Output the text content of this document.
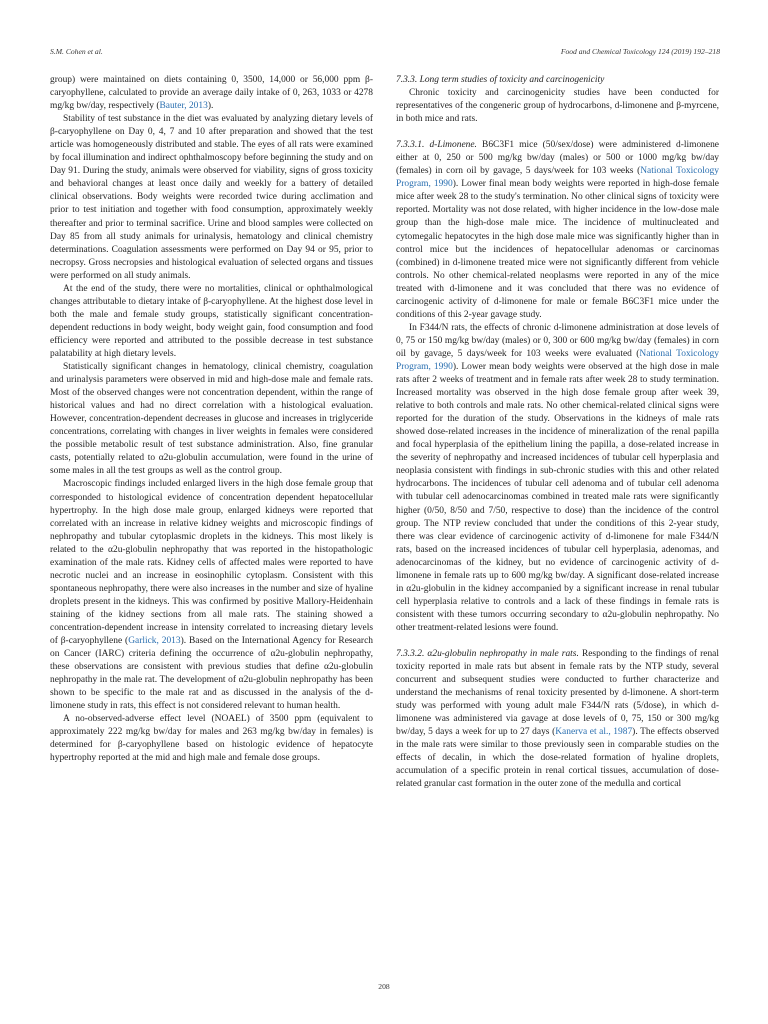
S.M. Cohen et al.	Food and Chemical Toxicology 124 (2019) 192–218

group) were maintained on diets containing 0, 3500, 14,000 or 56,000 ppm β-caryophyllene, calculated to provide an average daily intake of 0, 263, 1033 or 4278 mg/kg bw/day, respectively (Bauter, 2013).

Stability of test substance in the diet was evaluated by analyzing dietary levels of β-caryophyllene on Day 0, 4, 7 and 10 after preparation and showed that the test article was homogeneously distributed and stable. The eyes of all rats were examined by focal illumination and indirect ophthalmoscopy before beginning the study and on Day 91. During the study, animals were observed for viability, signs of gross toxicity and behavioral changes at least once daily and weekly for a battery of detailed clinical observations. Body weights were recorded twice during acclimation and prior to test initiation and together with food consumption, approximately weekly thereafter and prior to terminal sacrifice. Urine and blood samples were collected on Day 85 from all study animals for urinalysis, hematology and clinical chemistry determinations. Coagulation assessments were performed on Day 94 or 95, prior to necropsy. Gross necropsies and histological evaluation of selected organs and tissues were performed on all study animals.

At the end of the study, there were no mortalities, clinical or ophthalmological changes attributable to dietary intake of β-caryophyllene. At the highest dose level in both the male and female study groups, statistically significant concentration-dependent reductions in body weight, body weight gain, food consumption and food efficiency were reported and attributed to the possible decrease in test substance palatability at high dietary levels.

Statistically significant changes in hematology, clinical chemistry, coagulation and urinalysis parameters were observed in mid and high-dose male and female rats. Most of the observed changes were not concentration dependent, within the range of historical values and had no direct correlation with a histological evaluation. However, concentration-dependent decreases in glucose and increases in triglyceride concentrations, correlating with changes in liver weights in females were considered the possible metabolic result of test substance administration. Also, fine granular casts, potentially related to α2u-globulin accumulation, were found in the urine of some males in all the test groups as well as the control group.

Macroscopic findings included enlarged livers in the high dose female group that corresponded to histological evidence of concentration dependent hepatocellular hypertrophy. In the high dose male group, enlarged kidneys were reported that correlated with an increase in relative kidney weights and microscopic findings of nephropathy and tubular cytoplasmic droplets in the kidneys. This most likely is related to the α2u-globulin nephropathy that was reported in the histopathologic examination of the male rats. Kidney cells of affected males were reported to have necrotic nuclei and an increase in eosinophilic cytoplasm. Consistent with this spontaneous nephropathy, there were also increases in the number and size of hyaline droplets present in the kidneys. This was confirmed by positive Mallory-Heidenhain staining of the kidney sections from all male rats. The staining showed a concentration-dependent increase in intensity correlated to increasing dietary levels of β-caryophyllene (Garlick, 2013). Based on the International Agency for Research on Cancer (IARC) criteria defining the occurrence of α2u-globulin nephropathy, these observations are consistent with previous studies that define α2u-globulin nephropathy in the male rat. The development of α2u-globulin nephropathy has been shown to be specific to the male rat and as discussed in the analysis of the d-limonene study in rats, this effect is not considered relevant to human health.

A no-observed-adverse effect level (NOAEL) of 3500 ppm (equivalent to approximately 222 mg/kg bw/day for males and 263 mg/kg bw/day in females) is determined for β-caryophyllene based on histologic evidence of hepatocyte hypertrophy reported at the mid and high male and female dose groups.

7.3.3. Long term studies of toxicity and carcinogenicity

Chronic toxicity and carcinogenicity studies have been conducted for representatives of the congeneric group of hydrocarbons, d-limonene and β-myrcene, in both mice and rats.

7.3.3.1. d-Limonene. B6C3F1 mice (50/sex/dose) were administered d-limonene either at 0, 250 or 500 mg/kg bw/day (males) or 500 or 1000 mg/kg bw/day (females) in corn oil by gavage, 5 days/week for 103 weeks (National Toxicology Program, 1990). Lower final mean body weights were reported in high-dose female mice after week 28 to the study's termination. No other clinical signs of toxicity were reported. Mortality was not dose related, with higher incidence in the low-dose male group than the high-dose male mice. The incidence of multinucleated and cytomegalic hepatocytes in the high dose male mice was significantly higher than in control mice but the incidences of hepatocellular adenomas or carcinomas (combined) in d-limonene treated mice were not significantly different from vehicle controls. No other chemical-related neoplasms were reported in any of the mice treated with d-limonene and it was concluded that there was no evidence of carcinogenic activity of d-limonene for male or female B6C3F1 mice under the conditions of this 2-year gavage study.

In F344/N rats, the effects of chronic d-limonene administration at dose levels of 0, 75 or 150 mg/kg bw/day (males) or 0, 300 or 600 mg/kg bw/day (females) in corn oil by gavage, 5 days/week for 103 weeks were evaluated (National Toxicology Program, 1990). Lower mean body weights were observed at the high dose in male rats after 2 weeks of treatment and in female rats after week 28 to study termination. Increased mortality was observed in the high dose female group after week 39, relative to both controls and male rats. No other chemical-related clinical signs were reported for the duration of the study. Observations in the kidneys of male rats showed dose-related increases in the incidence of mineralization of the renal papilla and focal hyperplasia of the epithelium lining the papilla, a dose-related increase in the severity of nephropathy and increased incidences of tubular cell hyperplasia and neoplasia consistent with findings in sub-chronic studies with this and other related hydrocarbons. The incidences of tubular cell adenoma and of tubular cell adenoma with tubular cell adenocarcinomas combined in treated male rats were significantly higher (0/50, 8/50 and 7/50, respective to dose) than the incidence of the control group. The NTP review concluded that under the conditions of this 2-year study, there was clear evidence of carcinogenic activity of d-limonene for male F344/N rats, based on the increased incidences of tubular cell hyperplasia, adenomas, and adenocarcinomas of the kidney, but no evidence of carcinogenic activity of d-limonene in female rats up to 600 mg/kg bw/day. A significant dose-related increase in α2u-globulin in the kidney accompanied by a significant increase in renal tubular cell hyperplasia relative to controls and a lack of these findings in female rats is consistent with these tumors occurring secondary to α2u-globulin nephropathy. No other treatment-related lesions were found.

7.3.3.2. α2u-globulin nephropathy in male rats. Responding to the findings of renal toxicity reported in male rats but absent in female rats by the NTP study, several concurrent and subsequent studies were conducted to further characterize and understand the mechanisms of renal toxicity presented by d-limonene. A short-term study was performed with young adult male F344/N rats (5/dose), in which d-limonene was administered via gavage at dose levels of 0, 75, 150 or 300 mg/kg bw/day, 5 days a week for up to 27 days (Kanerva et al., 1987). The effects observed in the male rats were similar to those previously seen in comparable studies on the effects of decalin, in which the dose-related formation of hyaline droplets, accumulation of a specific protein in renal cortical tissues, accumulation of dose-related granular cast formation in the outer zone of the medulla and cortical

208
